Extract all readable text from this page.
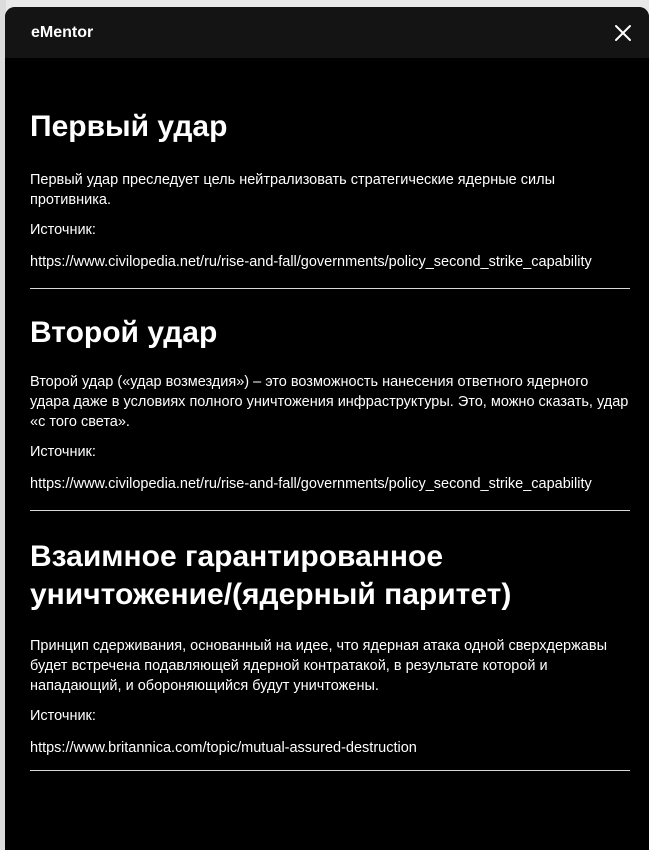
eMentor
Первый удар

Первый удар преследует цель нейтрализовать стратегические ядерные силы противника.

Источник:

https://www.civilopedia.net/ru/rise-and-fall/governments/policy_second_strike_capability

Второй удар

Второй удар («удар возмездия») – это возможность нанесения ответного ядерного удара даже в условиях полного уничтожения инфраструктуры. Это, можно сказать, удар «с того света».

Источник:

https://www.civilopedia.net/ru/rise-and-fall/governments/policy_second_strike_capability

Взаимное гарантированное уничтожение/(ядерный паритет)

Принцип сдерживания, основанный на идее, что ядерная атака одной сверхдержавы будет встречена подавляющей ядерной контратакой, в результате которой и нападающий, и обороняющийся будут уничтожены.

Источник:

https://www.britannica.com/topic/mutual-assured-destruction
